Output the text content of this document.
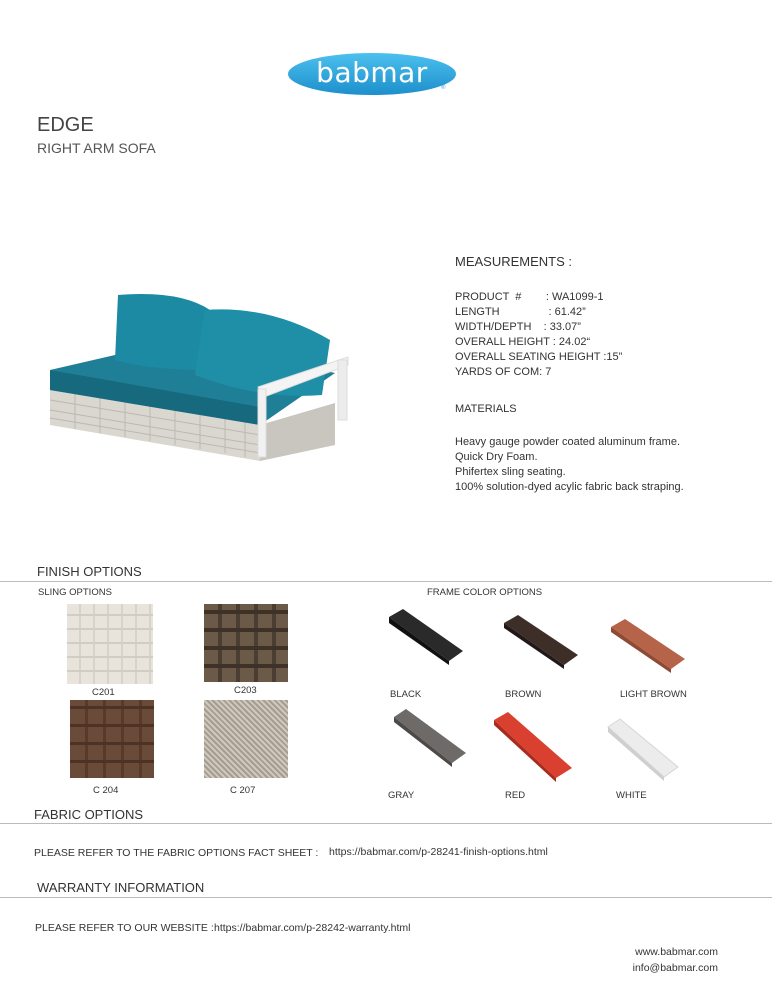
babmar	®
EDGE
RIGHT ARM SOFA
MEASUREMENTS :
PRODUCT  #        : WA1099-1
LENGTH                : 61.42”
WIDTH/DEPTH    : 33.07”
OVERALL HEIGHT : 24.02“
OVERALL SEATING HEIGHT :15”
YARDS OF COM: 7
MATERIALS
Heavy gauge powder coated aluminum frame.
Quick Dry Foam.
Phifertex sling seating.
100% solution-dyed acylic fabric back straping.
FINISH OPTIONS
SLING OPTIONS	FRAME COLOR OPTIONS
C201	C203
C 204	C 207
BLACK	BROWN	LIGHT BROWN
GRAY	RED	WHITE
FABRIC OPTIONS
PLEASE REFER TO THE FABRIC OPTIONS FACT SHEET : https://babmar.com/p-28241-finish-options.html
WARRANTY INFORMATION
PLEASE REFER TO OUR WEBSITE : https://babmar.com/p-28242-warranty.html
www.babmar.com
info@babmar.com
